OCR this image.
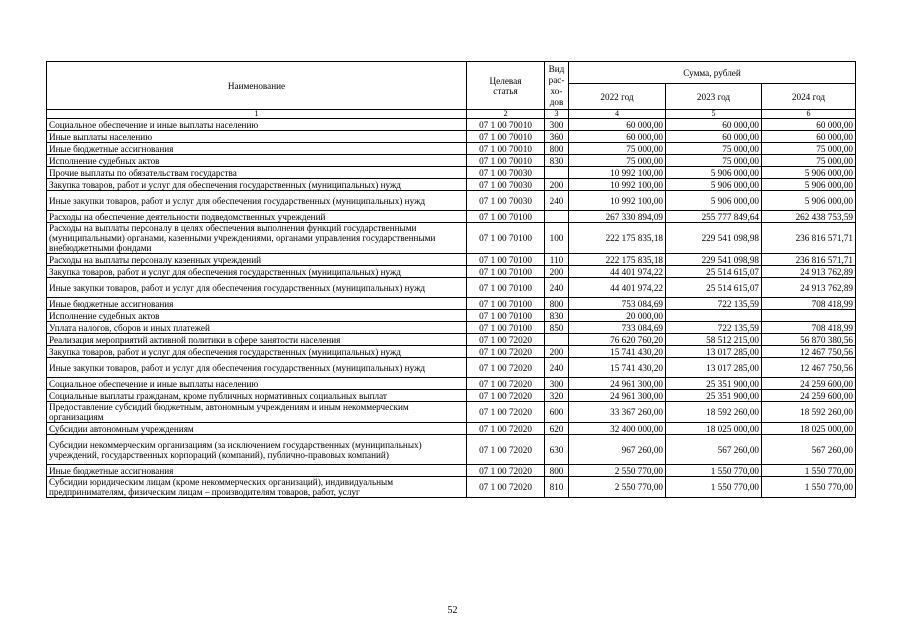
Наименование	Целевая статья	Вид
рас-
хо-
дов	Сумма, рублей		
			2022 год	2023 год	2024 год
1	2	3	4	5	6
Социальное обеспечение и иные выплаты населению	07 1 00 70010	300	60 000,00	60 000,00	60 000,00
Иные выплаты населению	07 1 00 70010	360	60 000,00	60 000,00	60 000,00
Иные бюджетные ассигнования	07 1 00 70010	800	75 000,00	75 000,00	75 000,00
Исполнение судебных актов	07 1 00 70010	830	75 000,00	75 000,00	75 000,00
Прочие выплаты по обязательствам государства	07 1 00 70030		10 992 100,00	5 906 000,00	5 906 000,00
Закупка товаров, работ и услуг для обеспечения государственных (муниципальных) нужд	07 1 00 70030	200	10 992 100,00	5 906 000,00	5 906 000,00
Иные закупки товаров, работ и услуг для обеспечения государственных (муниципальных) нужд	07 1 00 70030	240	10 992 100,00	5 906 000,00	5 906 000,00
Расходы на обеспечение деятельности подведомственных учреждений	07 1 00 70100		267 330 894,09	255 777 849,64	262 438 753,59
Расходы на выплаты персоналу в целях обеспечения выполнения функций государственными (муниципальными) органами, казенными учреждениями, органами управления государственными внебюджетными фондами	07 1 00 70100	100	222 175 835,18	229 541 098,98	236 816 571,71
Расходы на выплаты персоналу казенных учреждений	07 1 00 70100	110	222 175 835,18	229 541 098,98	236 816 571,71
Закупка товаров, работ и услуг для обеспечения государственных (муниципальных) нужд	07 1 00 70100	200	44 401 974,22	25 514 615,07	24 913 762,89
Иные закупки товаров, работ и услуг для обеспечения государственных (муниципальных) нужд	07 1 00 70100	240	44 401 974,22	25 514 615,07	24 913 762,89
Иные бюджетные ассигнования	07 1 00 70100	800	753 084,69	722 135,59	708 418,99
Исполнение судебных актов	07 1 00 70100	830	20 000,00		
Уплата налогов, сборов и иных платежей	07 1 00 70100	850	733 084,69	722 135,59	708 418,99
Реализация мероприятий активной политики в сфере занятости населения	07 1 00 72020		76 620 760,20	58 512 215,00	56 870 380,56
Закупка товаров, работ и услуг для обеспечения государственных (муниципальных) нужд	07 1 00 72020	200	15 741 430,20	13 017 285,00	12 467 750,56
Иные закупки товаров, работ и услуг для обеспечения государственных (муниципальных) нужд	07 1 00 72020	240	15 741 430,20	13 017 285,00	12 467 750,56
Социальное обеспечение и иные выплаты населению	07 1 00 72020	300	24 961 300,00	25 351 900,00	24 259 600,00
Социальные выплаты гражданам, кроме публичных нормативных социальных выплат	07 1 00 72020	320	24 961 300,00	25 351 900,00	24 259 600,00
Предоставление субсидий бюджетным, автономным учреждениям и иным некоммерческим организациям	07 1 00 72020	600	33 367 260,00	18 592 260,00	18 592 260,00
Субсидии автономным учреждениям	07 1 00 72020	620	32 400 000,00	18 025 000,00	18 025 000,00
Субсидии некоммерческим организациям (за исключением государственных (муниципальных) учреждений, государственных корпораций (компаний), публично-правовых компаний)	07 1 00 72020	630	967 260,00	567 260,00	567 260,00
Иные бюджетные ассигнования	07 1 00 72020	800	2 550 770,00	1 550 770,00	1 550 770,00
Субсидии юридическим лицам (кроме некоммерческих организаций), индивидуальным предпринимателям, физическим лицам – производителям товаров, работ, услуг	07 1 00 72020	810	2 550 770,00	1 550 770,00	1 550 770,00
52
